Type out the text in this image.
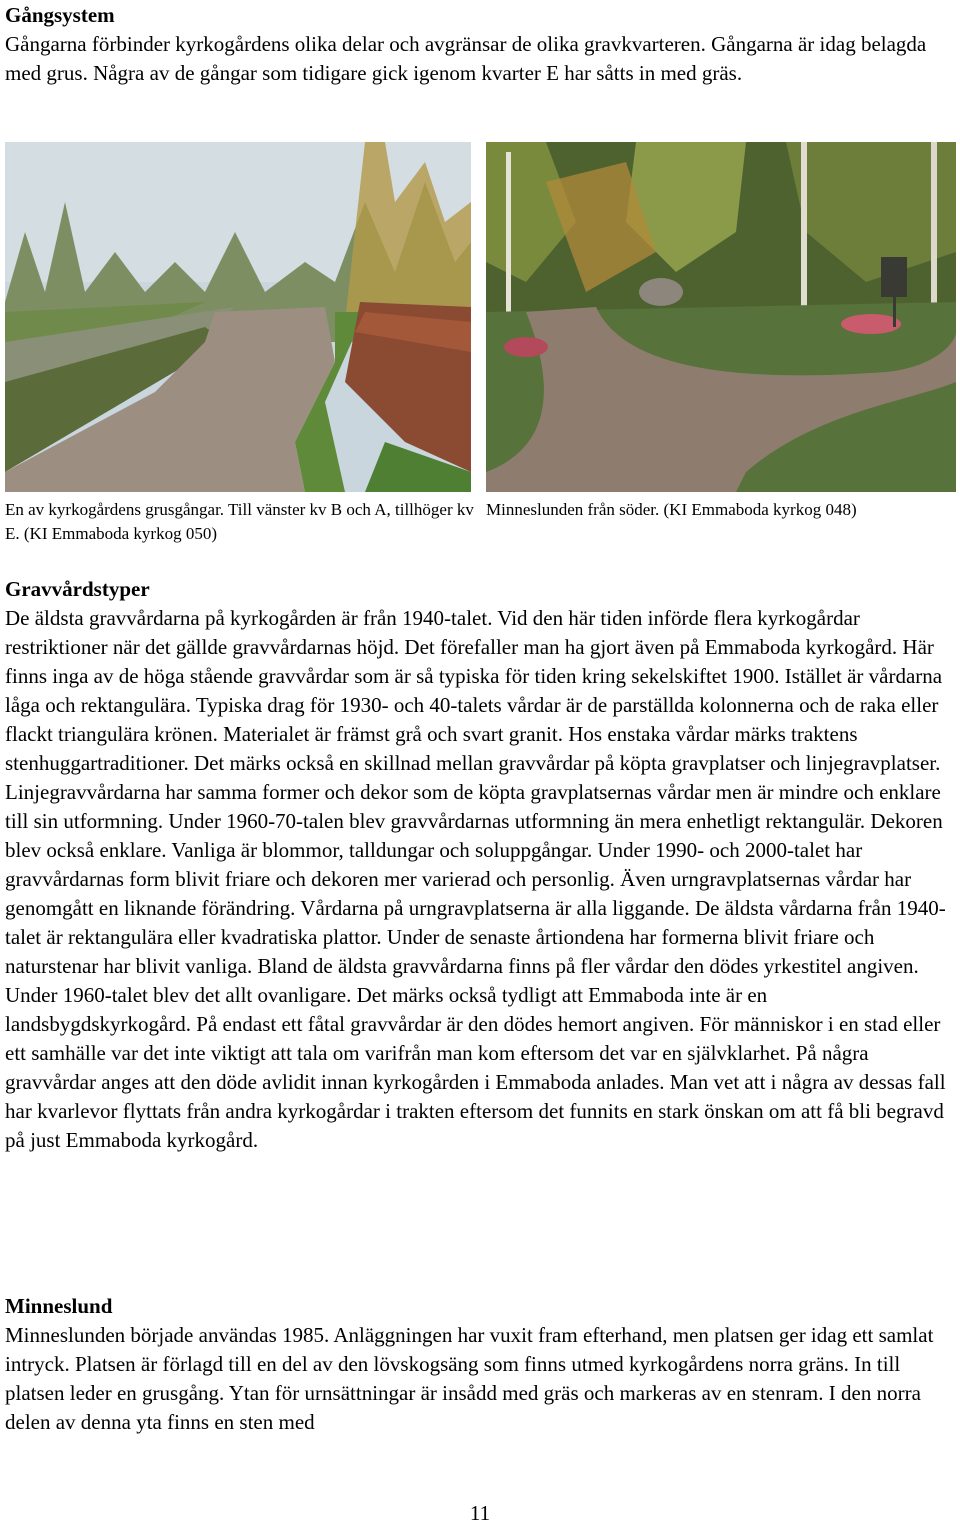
Gångsystem

Gångarna förbinder kyrkogårdens olika delar och avgränsar de olika gravkvarteren. Gångarna är idag belagda med grus. Några av de gångar som tidigare gick igenom kvarter E har såtts in med gräs.

En av kyrkogårdens grusgångar. Till vänster kv B och A, tillhöger kv E. (KI Emmaboda kyrkog 050)
Minneslunden från söder. (KI Emmaboda kyrkog 048)
Gravvårdstyper

De äldsta gravvårdarna på kyrkogården är från 1940-talet. Vid den här tiden införde flera kyrkogårdar restriktioner när det gällde gravvårdarnas höjd. Det förefaller man ha gjort även på Emmaboda kyrkogård. Här finns inga av de höga stående gravvårdar som är så typiska för tiden kring sekelskiftet 1900. Istället är vårdarna låga och rektangulära. Typiska drag för 1930- och 40-talets vårdar är de parställda kolonnerna och de raka eller flackt triangulära krönen. Materialet är främst grå och svart granit. Hos enstaka vårdar märks traktens stenhuggartraditioner. Det märks också en skillnad mellan gravvårdar på köpta gravplatser och linjegravplatser. Linjegravvårdarna har samma former och dekor som de köpta gravplatsernas vårdar men är mindre och enklare till sin utformning. Under 1960-70-talen blev gravvårdarnas utformning än mera enhetligt rektangulär. Dekoren blev också enklare. Vanliga är blommor, talldungar och soluppgångar. Under 1990- och 2000-talet har gravvårdarnas form blivit friare och dekoren mer varierad och personlig. Även urngravplatsernas vårdar har genomgått en liknande förändring. Vårdarna på urngravplatserna är alla liggande. De äldsta vårdarna från 1940-talet är rektangulära eller kvadratiska plattor. Under de senaste årtiondena har formerna blivit friare och naturstenar har blivit vanliga. Bland de äldsta gravvårdarna finns på fler vårdar den dödes yrkestitel angiven. Under 1960-talet blev det allt ovanligare. Det märks också tydligt att Emmaboda inte är en landsbygdskyrkogård. På endast ett fåtal gravvårdar är den dödes hemort angiven. För människor i en stad eller ett samhälle var det inte viktigt att tala om varifrån man kom eftersom det var en självklarhet. På några gravvårdar anges att den döde avlidit innan kyrkogården i Emmaboda anlades. Man vet att i några av dessas fall har kvarlevor flyttats från andra kyrkogårdar i trakten eftersom det funnits en stark önskan om att få bli begravd på just Emmaboda kyrkogård.

Minneslund

Minneslunden började användas 1985. Anläggningen har vuxit fram efterhand, men platsen ger idag ett samlat intryck. Platsen är förlagd till en del av den lövskogsäng som finns utmed kyrkogårdens norra gräns. In till platsen leder en grusgång. Ytan för urnsättningar är insådd med gräs och markeras av en stenram. I den norra delen av denna yta finns en sten med

11
